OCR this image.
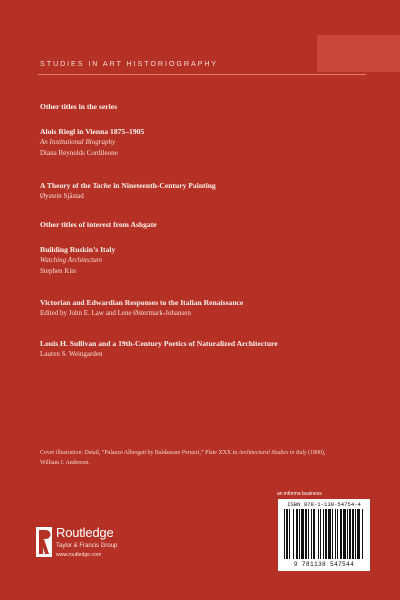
STUDIES IN ART HISTORIOGRAPHY
Other titles in the series
Alois Riegl in Vienna 1875–1905
An Institutional Biography
Diana Reynolds Cordileone
A Theory of the Tache in Nineteenth-Century Painting
Øystein Sjåstad
Other titles of interest from Ashgate
Building Ruskin’s Italy
Watching Architecture
Stephen Kite
Victorian and Edwardian Responses to the Italian Renaissance
Edited by John E. Law and Lene Østermark-Johansen
Louis H. Sullivan and a 19th-Century Poetics of Naturalized Architecture
Lauren S. Weingarden
Cover illustration: Detail, “Palazzo Albergati by Baldassare Peruzzi,” Plate XXX in Architectural Studies in Italy (1890),
William J. Anderson.
an informa business
ISBN 978-1-138-54754-4
9 781138 547544
Routledge
Taylor & Francis Group
www.routledge.com
